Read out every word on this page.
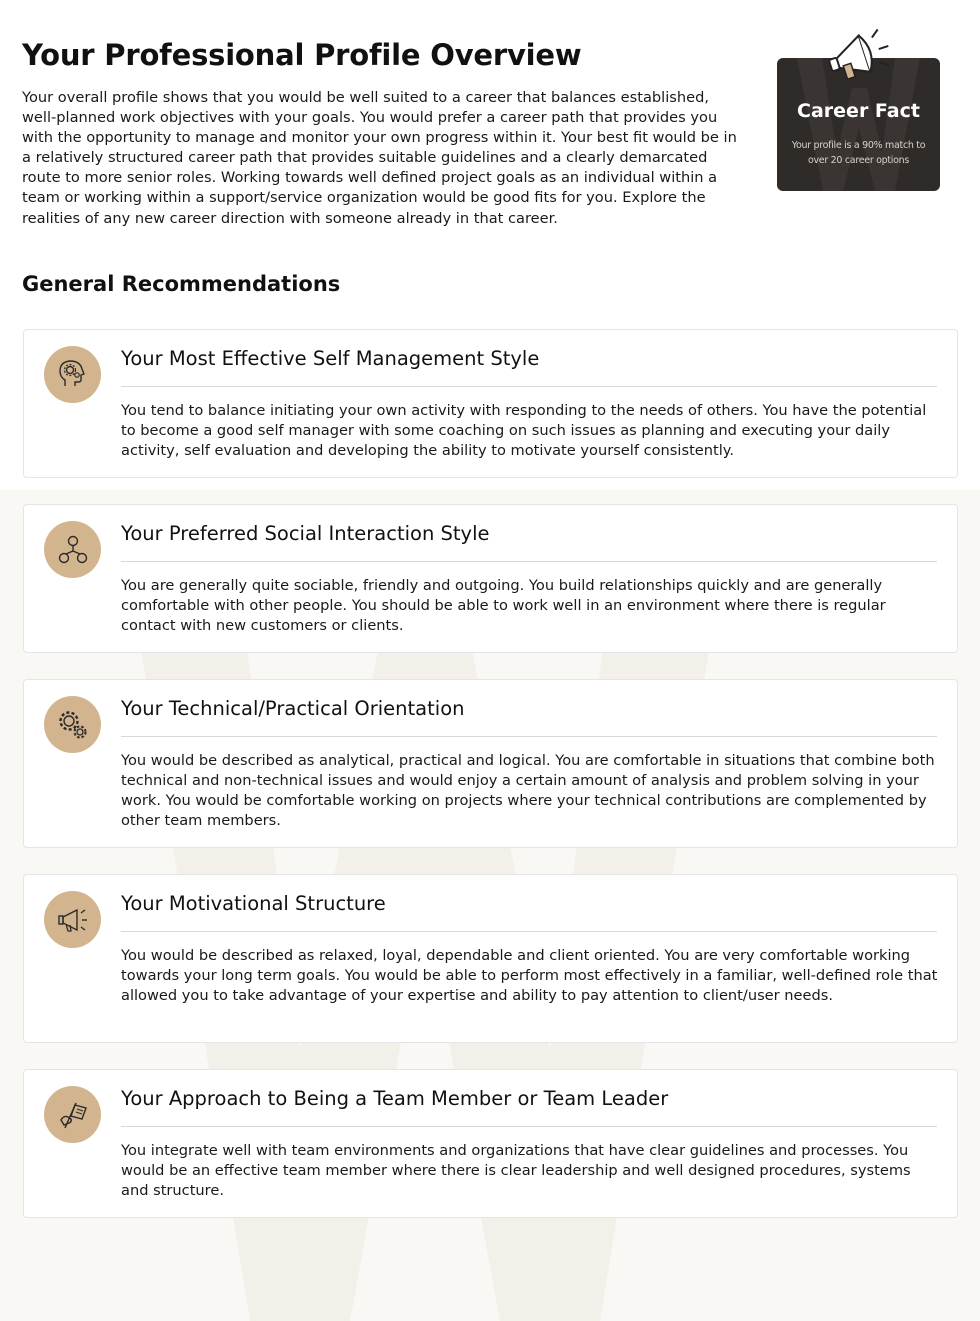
Your Professional Profile Overview

Your overall profile shows that you would be well suited to a career that balances established, well-planned work objectives with your goals. You would prefer a career path that provides you with the opportunity to manage and monitor your own progress within it. Your best fit would be in a relatively structured career path that provides suitable guidelines and a clearly demarcated route to more senior roles. Working towards well defined project goals as an individual within a team or working within a support/service organization would be good fits for you. Explore the realities of any new career direction with someone already in that career.

Career Fact
Your profile is a 90% match to over 20 career options
General Recommendations
Your Most Effective Self Management Style

You tend to balance initiating your own activity with responding to the needs of others. You have the potential to become a good self manager with some coaching on such issues as planning and executing your daily activity, self evaluation and developing the ability to motivate yourself consistently.

Your Preferred Social Interaction Style

You are generally quite sociable, friendly and outgoing. You build relationships quickly and are generally comfortable with other people. You should be able to work well in an environment where there is regular contact with new customers or clients.

Your Technical/Practical Orientation

You would be described as analytical, practical and logical. You are comfortable in situations that combine both technical and non-technical issues and would enjoy a certain amount of analysis and problem solving in your work. You would be comfortable working on projects where your technical contributions are complemented by other team members.

Your Motivational Structure

You would be described as relaxed, loyal, dependable and client oriented. You are very comfortable working towards your long term goals. You would be able to perform most effectively in a familiar, well-defined role that allowed you to take advantage of your expertise and ability to pay attention to client/user needs.

Your Approach to Being a Team Member or Team Leader

You integrate well with team environments and organizations that have clear guidelines and processes. You would be an effective team member where there is clear leadership and well designed procedures, systems and structure.
